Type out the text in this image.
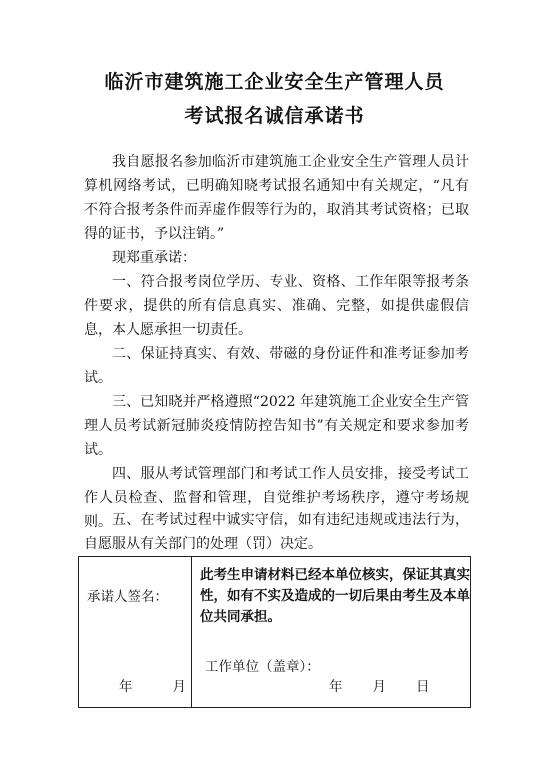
临沂市建筑施工企业安全生产管理人员
考试报名诚信承诺书
我自愿报名参加临沂市建筑施工企业安全生产管理人员计算机网络考试，已明确知晓考试报名通知中有关规定，“凡有不符合报考条件而弄虚作假等行为的，取消其考试资格；已取得的证书，予以注销。”
现郑重承诺：
一、符合报考岗位学历、专业、资格、工作年限等报考条件要求，提供的所有信息真实、准确、完整，如提供虚假信息，本人愿承担一切责任。
二、保证持真实、有效、带磁的身份证件和准考证参加考试。
三、已知晓并严格遵照“2022 年建筑施工企业安全生产管理人员考试新冠肺炎疫情防控告知书”有关规定和要求参加考试。
四、服从考试管理部门和考试工作人员安排，接受考试工作人员检查、监督和管理，自觉维护考场秩序，遵守考场规则。 五、在考试过程中诚实守信，如有违纪违规或违法行为，自愿服从有关部门的处理（罚）决定。
承诺人签名：
年	月

此考生申请材料已经本单位核实，保证其真实性，如有不实及造成的一切后果由考生及本单位共同承担。
工作单位（盖章）：
年 月 日
